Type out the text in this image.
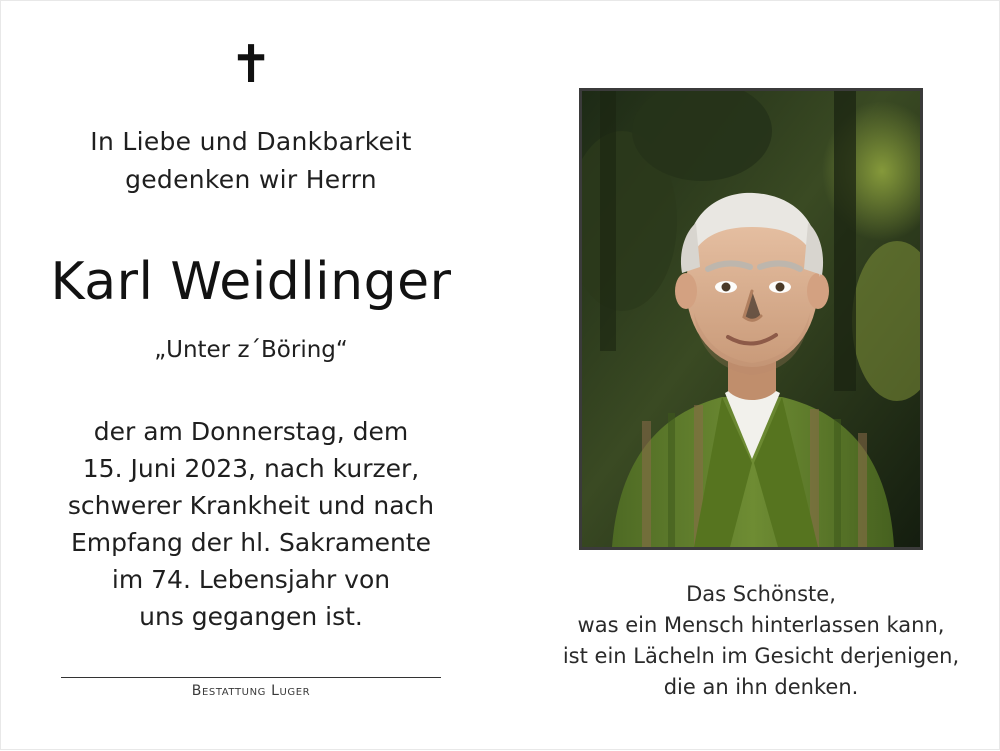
✝
In Liebe und Dankbarkeit
gedenken wir Herrn
Karl Weidlinger
„Unter z´Böring“
der am Donnerstag, dem
15. Juni 2023, nach kurzer,
schwerer Krankheit und nach
Empfang der hl. Sakramente
im 74. Lebensjahr von
uns gegangen ist.
Bestattung Luger
Das Schönste,
was ein Mensch hinterlassen kann,
ist ein Lächeln im Gesicht derjenigen,
die an ihn denken.
